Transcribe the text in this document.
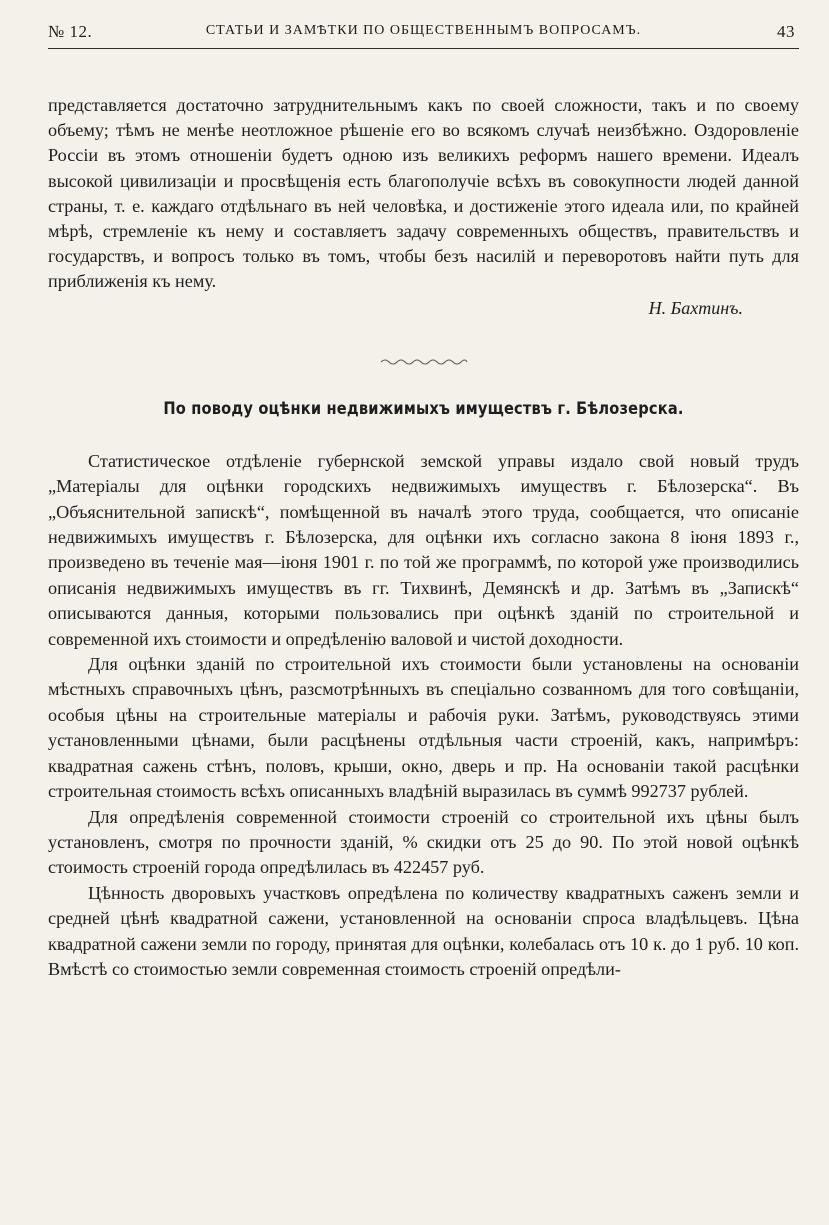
№ 12.	СТАТЬИ И ЗАМѢТКИ ПО ОБЩЕСТВЕННЫМЪ ВОПРОСАМЪ.	43

представляется достаточно затруднительнымъ какъ по своей сложности, такъ и по своему объему; тѣмъ не менѣе неотложное рѣшеніе его во всякомъ случаѣ неизбѣжно. Оздоровленіе Россіи въ этомъ отношеніи будетъ одною изъ великихъ реформъ нашего времени. Идеалъ высокой цивилизаціи и просвѣщенія есть благополучіе всѣхъ въ совокупности людей данной страны, т. е. каждаго отдѣльнаго въ ней человѣка, и достиженіе этого идеала или, по крайней мѣрѣ, стремленіе къ нему и составляетъ задачу современныхъ обществъ, правительствъ и государствъ, и вопросъ только въ томъ, чтобы безъ насилій и переворотовъ найти путь для приближенія къ нему.

Н. Бахтинъ.
По поводу оцѣнки недвижимыхъ имуществъ г. Бѣлозерска.

Статистическое отдѣленіе губернской земской управы издало свой новый трудъ „Матеріалы для оцѣнки городскихъ недвижимыхъ имуществъ г. Бѣлозерска“. Въ „Объяснительной запискѣ“, помѣщенной въ началѣ этого труда, сообщается, что описаніе недвижимыхъ имуществъ г. Бѣлозерска, для оцѣнки ихъ согласно закона 8 іюня 1893 г., произведено въ теченіе мая—іюня 1901 г. по той же программѣ, по которой уже производились описанія недвижимыхъ имуществъ въ гг. Тихвинѣ, Демянскѣ и др. Затѣмъ въ „Запискѣ“ описываются данныя, которыми пользовались при оцѣнкѣ зданій по строительной и современной ихъ стоимости и опредѣленію валовой и чистой доходности.

Для оцѣнки зданій по строительной ихъ стоимости были установлены на основаніи мѣстныхъ справочныхъ цѣнъ, разсмотрѣнныхъ въ спеціально созванномъ для того совѣщаніи, особыя цѣны на строительные матеріалы и рабочія руки. Затѣмъ, руководствуясь этими установленными цѣнами, были расцѣнены отдѣльныя части строеній, какъ, напримѣръ: квадратная сажень стѣнъ, половъ, крыши, окно, дверь и пр. На основаніи такой расцѣнки строительная стоимость всѣхъ описанныхъ владѣній выразилась въ суммѣ 992737 рублей.

Для опредѣленія современной стоимости строеній со строительной ихъ цѣны былъ установленъ, смотря по прочности зданій, % скидки отъ 25 до 90. По этой новой оцѣнкѣ стоимость строеній города опредѣлилась въ 422457 руб.

Цѣнность дворовыхъ участковъ опредѣлена по количеству квадратныхъ саженъ земли и средней цѣнѣ квадратной сажени, установленной на основаніи спроса владѣльцевъ. Цѣна квадратной сажени земли по городу, принятая для оцѣнки, колебалась отъ 10 к. до 1 руб. 10 коп. Вмѣстѣ со стоимостью земли современная стоимость строеній опредѣли-
